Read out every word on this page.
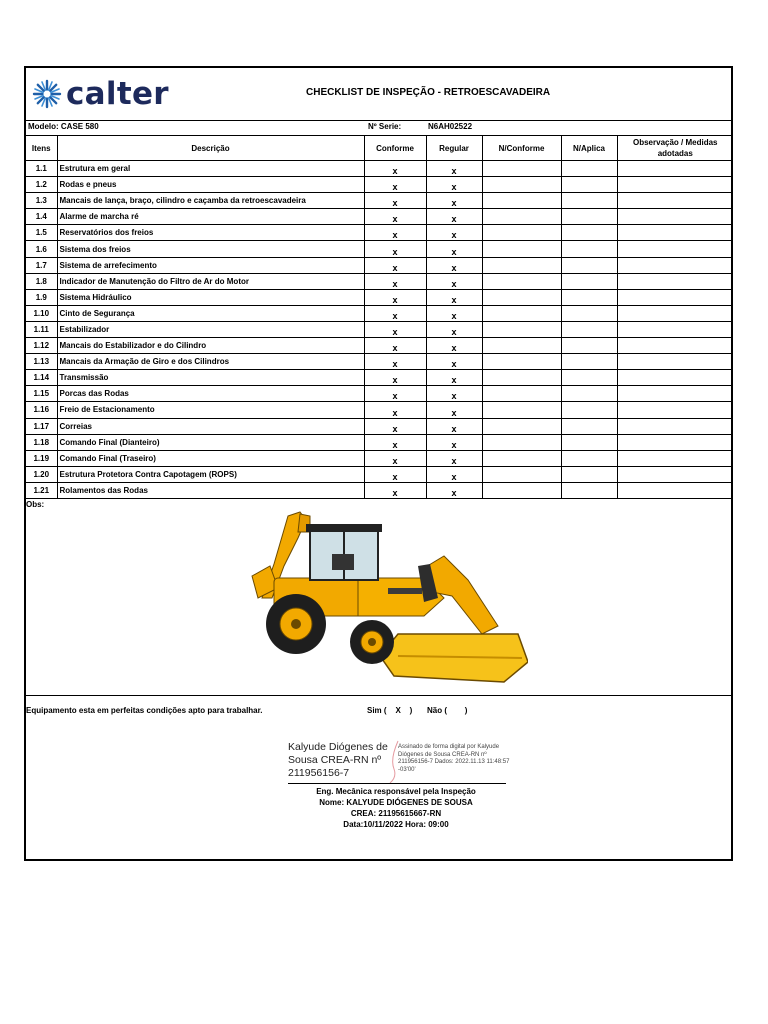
calter	CHECKLIST DE INSPEÇÃO - RETROESCAVADEIRA
Modelo: CASE 580	Nº Serie:	N6AH02522
Itens	Descrição	Conforme	Regular	N/Conforme	N/Aplica	Observação / Medidas adotadas
1.1	Estrutura em geral	x	x			
1.2	Rodas e pneus	x	x			
1.3	Mancais de lança, braço, cilindro e caçamba da retroescavadeira	x	x			
1.4	Alarme de marcha ré	x	x			
1.5	Reservatórios dos freios	x	x			
1.6	Sistema dos freios	x	x			
1.7	Sistema de arrefecimento	x	x			
1.8	Indicador de Manutenção do Filtro de Ar do Motor	x	x			
1.9	Sistema Hidráulico	x	x			
1.10	Cinto de Segurança	x	x			
1.11	Estabilizador	x	x			
1.12	Mancais do Estabilizador e do Cilindro	x	x			
1.13	Mancais da Armação de Giro e dos Cilindros	x	x			
1.14	Transmissão	x	x			
1.15	Porcas das Rodas	x	x			
1.16	Freio de Estacionamento	x	x			
1.17	Correias	x	x			
1.18	Comando Final (Dianteiro)	x	x			
1.19	Comando Final (Traseiro)	x	x			
1.20	Estrutura Protetora Contra Capotagem (ROPS)	x	x			
1.21	Rolamentos das Rodas	x	x			
Obs:
Equipamento esta em perfeitas condições apto para trabalhar.	Sim (    X    ) Não (        )
Kalyude Diógenes de Sousa CREA-RN nº 211956156-7
Assinado de forma digital por Kalyude Diógenes de Sousa CREA-RN nº 211956156-7 Dados: 2022.11.13 11:48:57 -03'00'
Eng. Mecânica responsável pela Inspeção
Nome: KALYUDE DIÓGENES DE SOUSA
CREA: 21195615667-RN
Data:10/11/2022 Hora: 09:00
